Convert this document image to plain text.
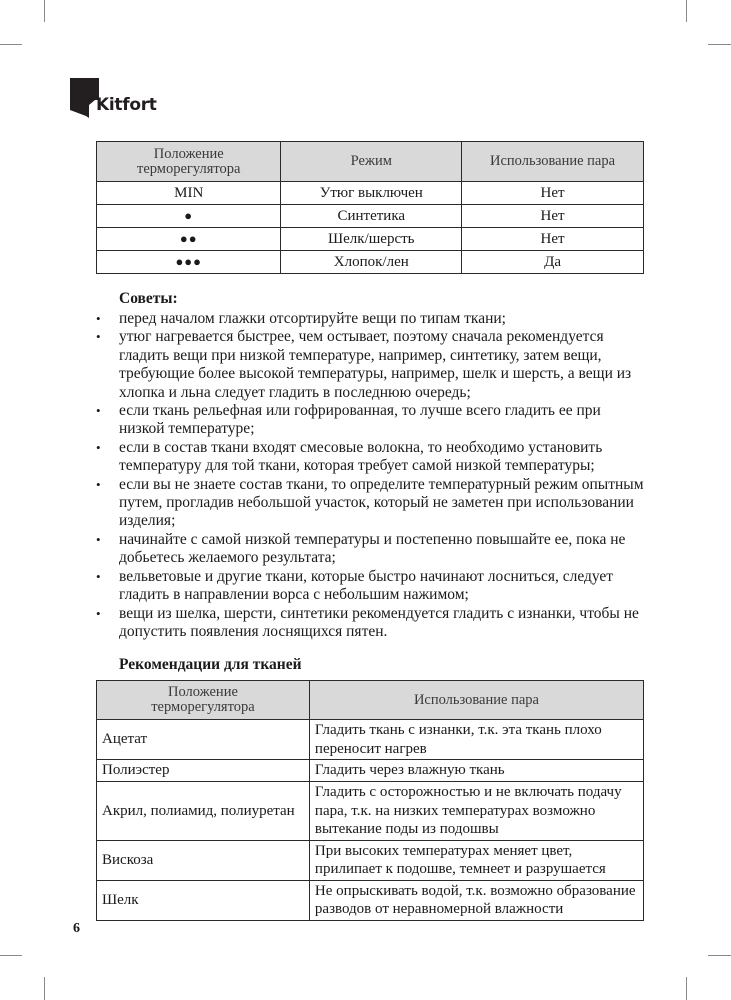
Kitfort
Положение терморегулятора	Режим	Использование пара
MIN	Утюг выключен	Нет
●	Синтетика	Нет
●●	Шелк/шерсть	Нет
●●●	Хлопок/лен	Да
Советы:
• перед началом глажки отсортируйте вещи по типам ткани;
• утюг нагревается быстрее, чем остывает, поэтому сначала рекомендуется гладить вещи при низкой температуре, например, синтетику, затем вещи, требующие более высокой температуры, например, шелк и шерсть, а вещи из хлопка и льна следует гладить в последнюю очередь;
• если ткань рельефная или гофрированная, то лучше всего гладить ее при низкой температуре;
• если в состав ткани входят смесовые волокна, то необходимо установить температуру для той ткани, которая требует самой низкой температуры;
• если вы не знаете состав ткани, то определите температурный режим опытным путем, прогладив небольшой участок, который не заметен при использовании изделия;
• начинайте с самой низкой температуры и постепенно повышайте ее, пока не добьетесь желаемого результата;
• вельветовые и другие ткани, которые быстро начинают лосниться, следует гладить в направлении ворса с небольшим нажимом;
• вещи из шелка, шерсти, синтетики рекомендуется гладить с изнанки, чтобы не допустить появления лоснящихся пятен.
Рекомендации для тканей
Положение терморегулятора	Использование пара
Ацетат	Гладить ткань с изнанки, т.к. эта ткань плохо переносит нагрев
Полиэстер	Гладить через влажную ткань
Акрил, полиамид, полиуретан	Гладить с осторожностью и не включать подачу пара, т.к. на низких температурах возможно вытекание поды из подошвы
Вискоза	При высоких температурах меняет цвет, прилипает к подошве, темнеет и разрушается
Шелк	Не опрыскивать водой, т.к. возможно образование разводов от неравномерной влажности
6
